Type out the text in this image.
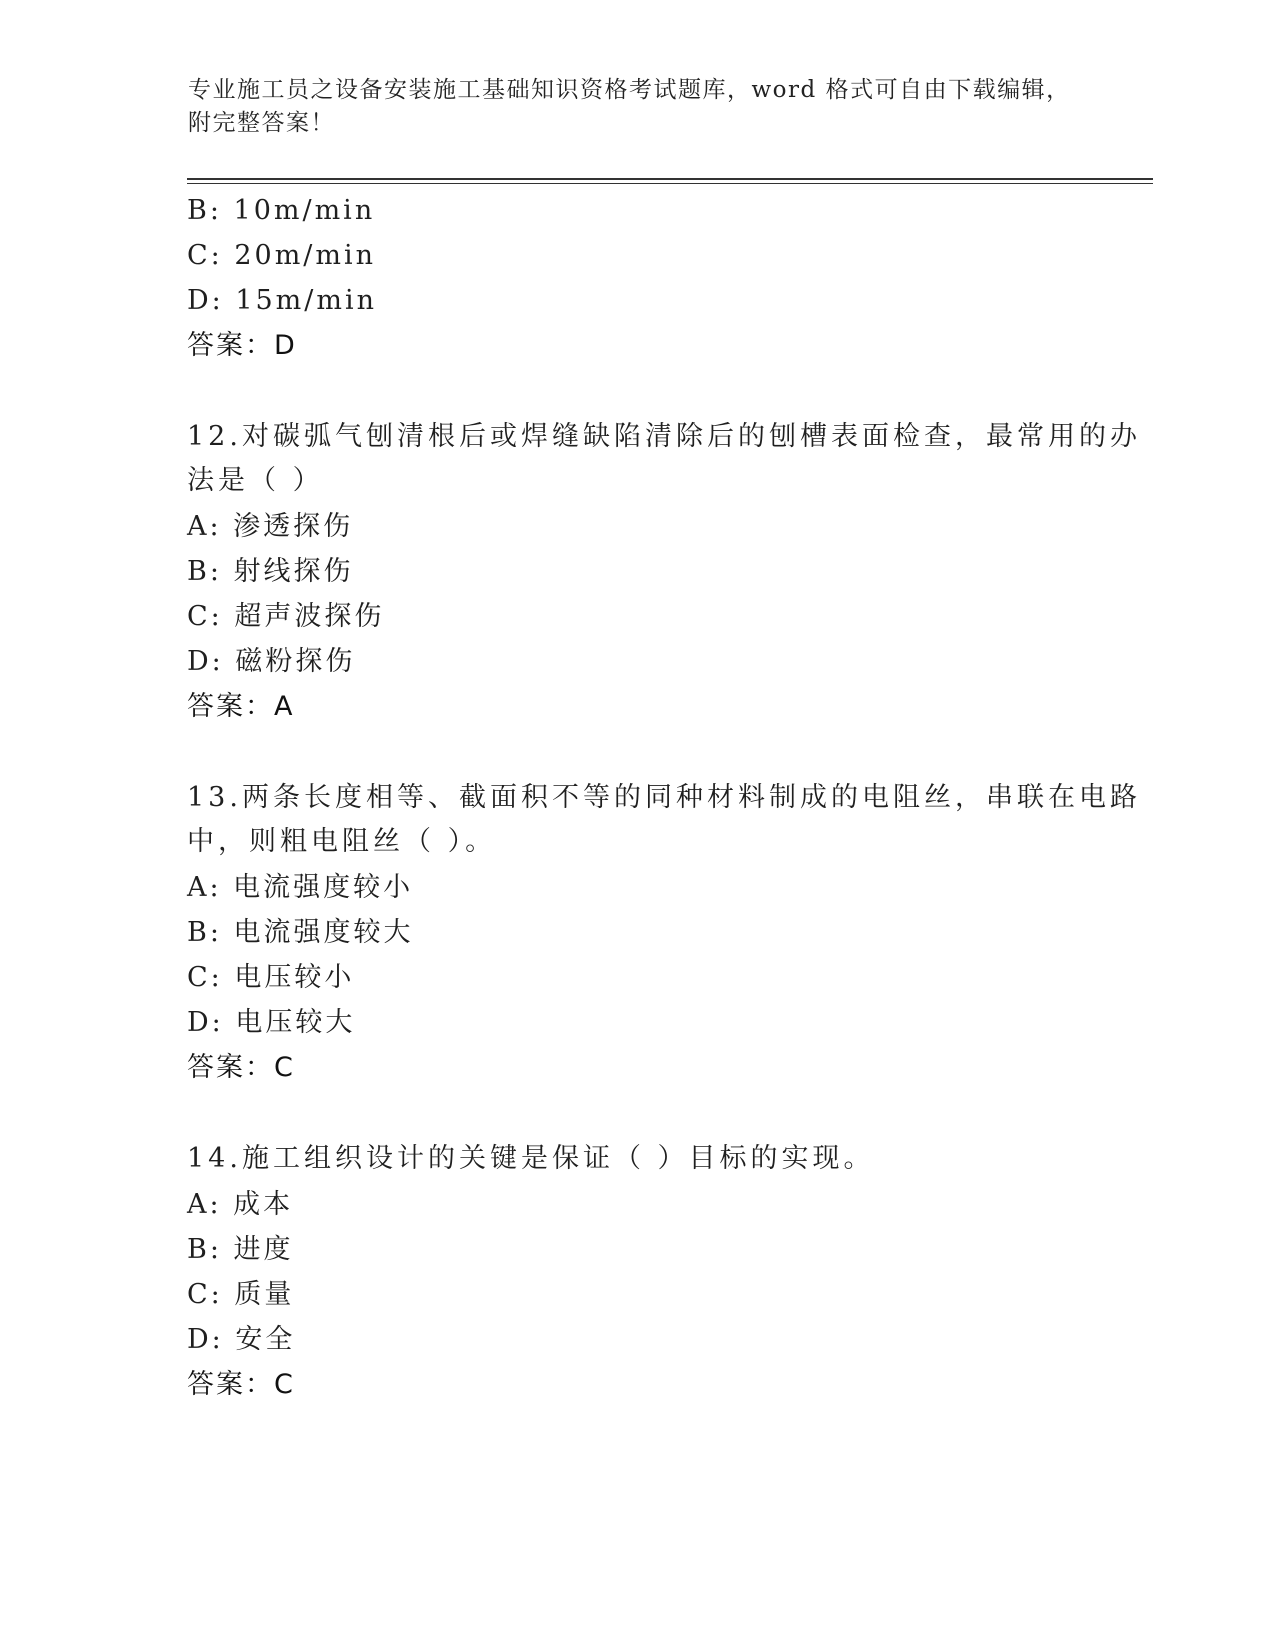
专业施工员之设备安装施工基础知识资格考试题库，word 格式可自由下载编辑，
附完整答案！
B: 10m/min
C: 20m/min
D: 15m/min
答案：D
12.对碳弧气刨清根后或焊缝缺陷清除后的刨槽表面检查，最常用的办
法是（ ）
A: 渗透探伤
B: 射线探伤
C: 超声波探伤
D: 磁粉探伤
答案：A
13.两条长度相等、截面积不等的同种材料制成的电阻丝，串联在电路
中，则粗电阻丝（ ）。
A: 电流强度较小
B: 电流强度较大
C: 电压较小
D: 电压较大
答案：C
14.施工组织设计的关键是保证（ ）目标的实现。
A: 成本
B: 进度
C: 质量
D: 安全
答案：C
